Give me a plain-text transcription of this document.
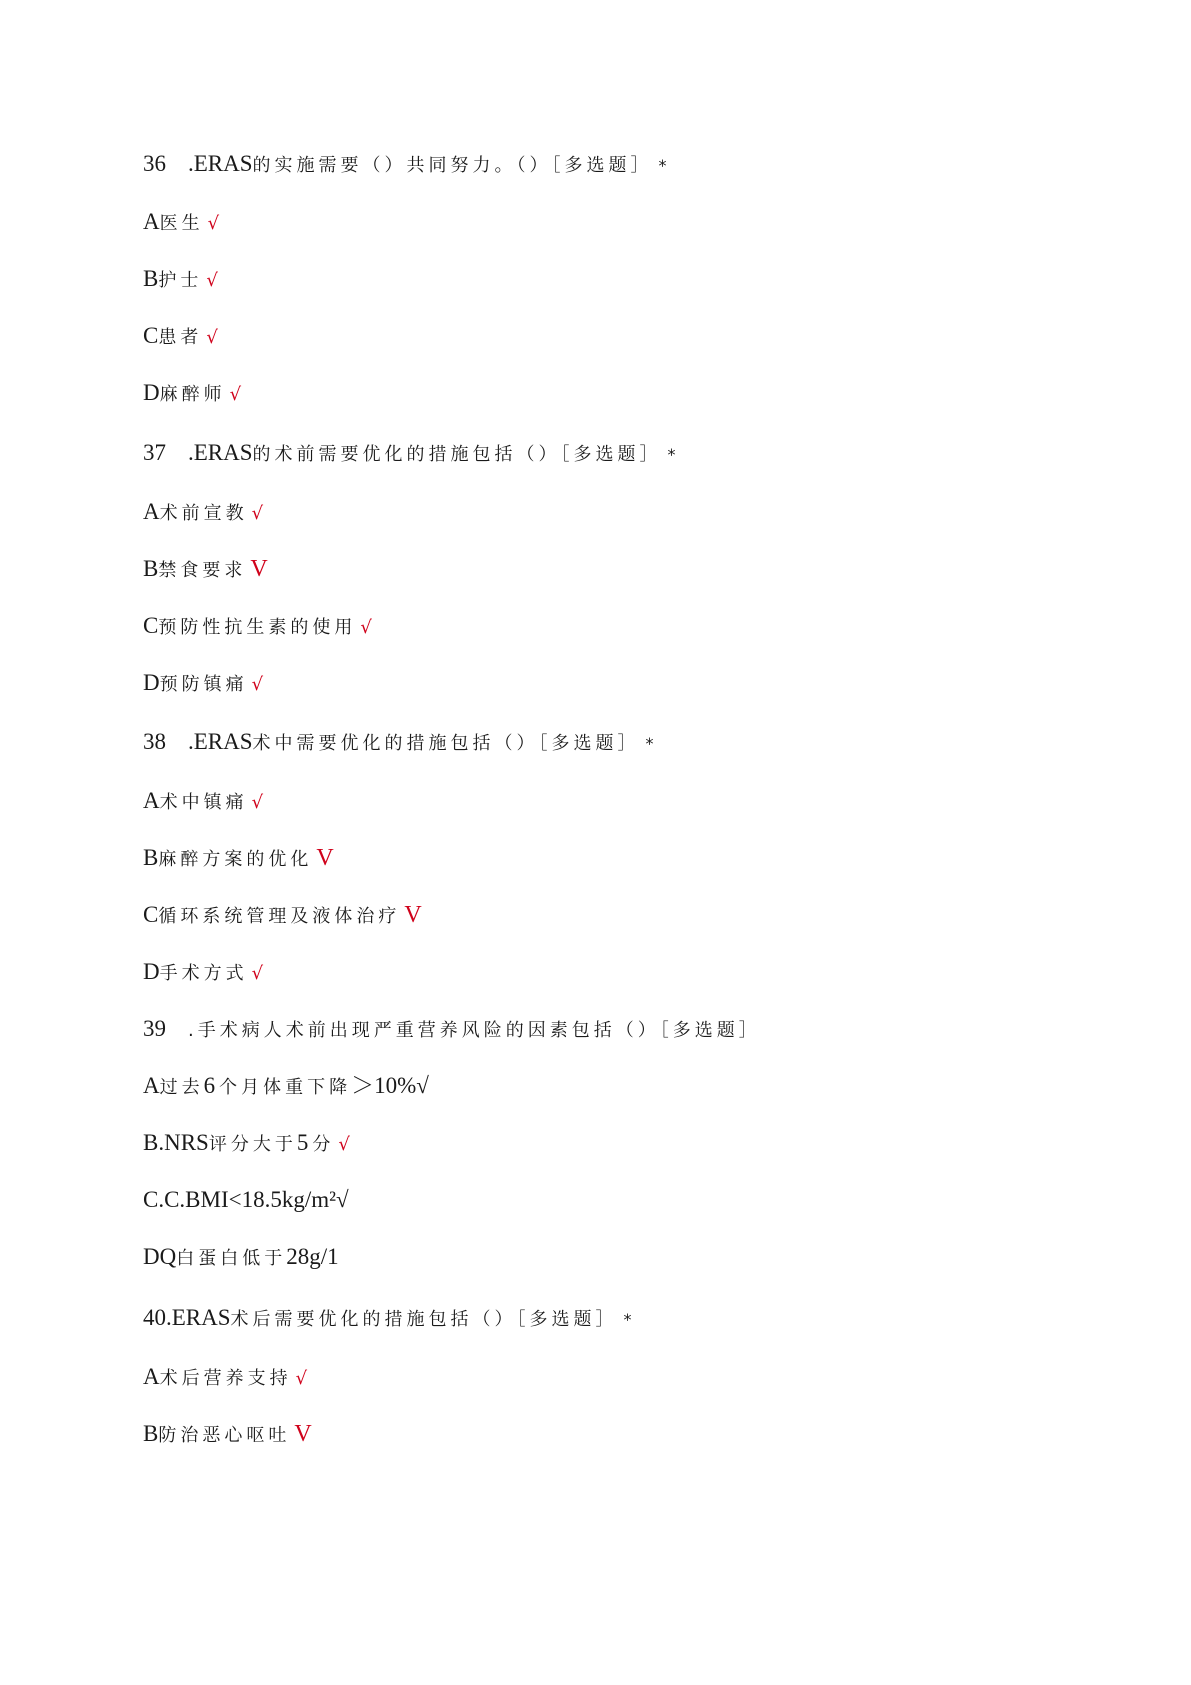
36 .ERAS的实施需要（）共同努力。（）［多选题］ *
A医生 √
B护士 √
C患者 √
D麻醉师 √
37 .ERAS的术前需要优化的措施包括（）［多选题］ *
A术前宣教 √
B禁食要求 V
C预防性抗生素的使用 √
D预防镇痛 √
38 .ERAS术中需要优化的措施包括（）［多选题］ *
A术中镇痛 √
B麻醉方案的优化 V
C循环系统管理及液体治疗 V
D手术方式 √
39 .手术病人术前出现严重营养风险的因素包括（）［多选题］
A过去6 个月体重下降＞10%√
B.NRS评分大于5 分 √
C.C.BMI<18.5kg/m²√
DQ白蛋白低于28g/1
40.ERAS术后需要优化的措施包括（）［多选题］ *
A术后营养支持 √
B防治恶心呕吐 V
